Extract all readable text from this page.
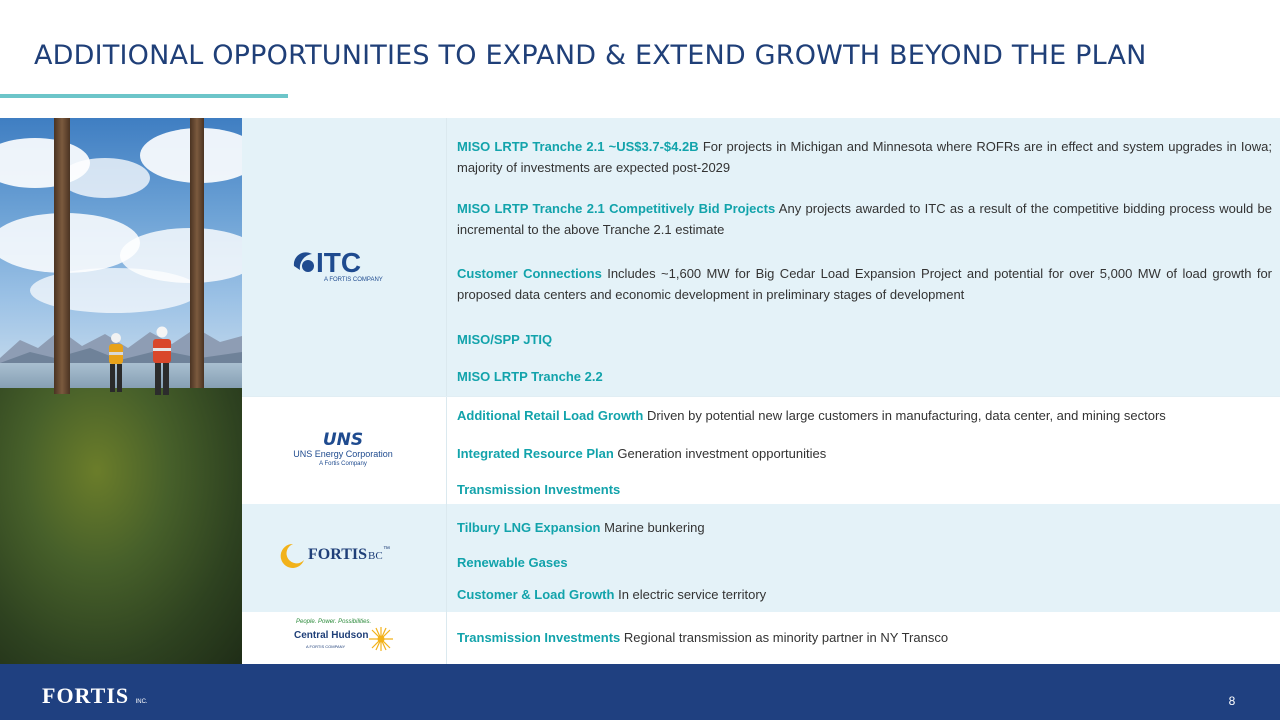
ADDITIONAL OPPORTUNITIES TO EXPAND & EXTEND GROWTH BEYOND THE PLAN
ITC
A FORTIS COMPANY
UNS
UNS Energy Corporation
A Fortis Company
FORTIS BC
™
People. Power. Possibilities.
Central Hudson
A FORTIS COMPANY
MISO LRTP Tranche 2.1 ~US$3.7-$4.2B For projects in Michigan and Minnesota where ROFRs are in effect and system upgrades in Iowa; majority of investments are expected post-2029
MISO LRTP Tranche 2.1 Competitively Bid Projects Any projects awarded to ITC as a result of the competitive bidding process would be incremental to the above Tranche 2.1 estimate
Customer Connections Includes ~1,600 MW for Big Cedar Load Expansion Project and potential for over 5,000 MW of load growth for proposed data centers and economic development in preliminary stages of development
MISO/SPP JTIQ
MISO LRTP Tranche 2.2
Additional Retail Load Growth Driven by potential new large customers in manufacturing, data center, and mining sectors
Integrated Resource Plan Generation investment opportunities
Transmission Investments
Tilbury LNG Expansion Marine bunkering
Renewable Gases
Customer & Load Growth In electric service territory
Transmission Investments Regional transmission as minority partner in NY Transco
FORTIS INC.	8
